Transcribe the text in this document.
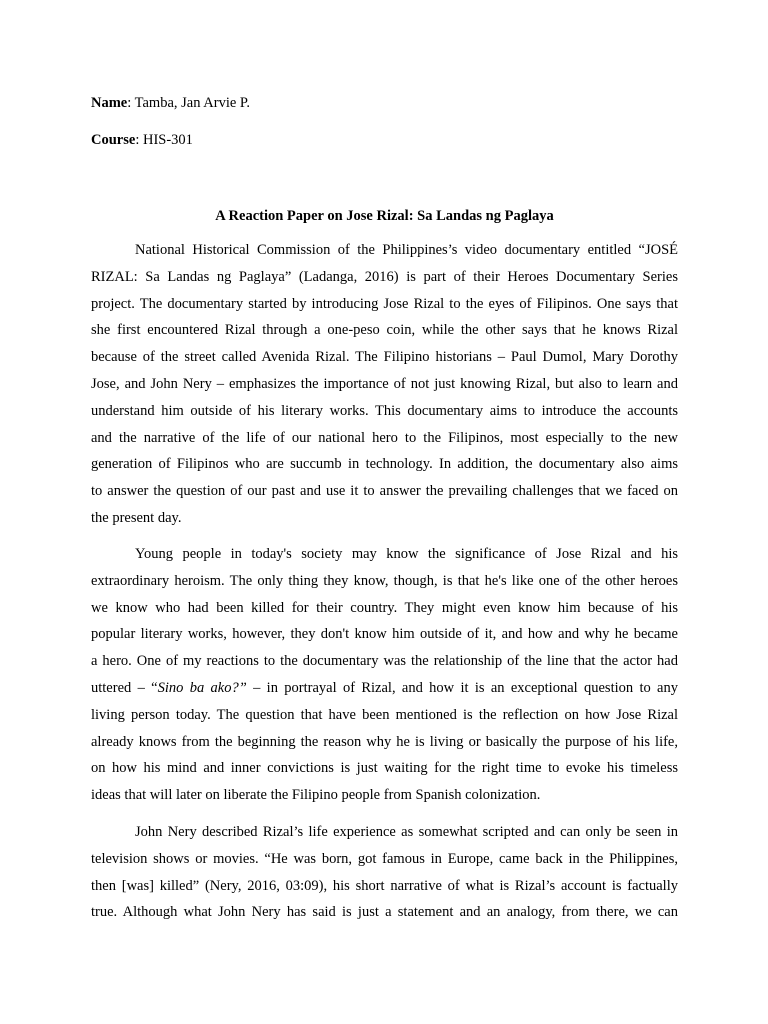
Name: Tamba, Jan Arvie P.
Course: HIS-301
A Reaction Paper on Jose Rizal: Sa Landas ng Paglaya
National Historical Commission of the Philippines’s video documentary entitled “JOSÉ
RIZAL: Sa Landas ng Paglaya” (Ladanga, 2016) is part of their Heroes Documentary Series
project. The documentary started by introducing Jose Rizal to the eyes of Filipinos. One says that
she first encountered Rizal through a one-peso coin, while the other says that he knows Rizal
because of the street called Avenida Rizal. The Filipino historians – Paul Dumol, Mary Dorothy
Jose, and John Nery – emphasizes the importance of not just knowing Rizal, but also to learn and
understand him outside of his literary works. This documentary aims to introduce the accounts
and the narrative of the life of our national hero to the Filipinos, most especially to the new
generation of Filipinos who are succumb in technology. In addition, the documentary also aims
to answer the question of our past and use it to answer the prevailing challenges that we faced on
the present day.
Young people in today's society may know the significance of Jose Rizal and his
extraordinary heroism. The only thing they know, though, is that he's like one of the other heroes
we know who had been killed for their country. They might even know him because of his
popular literary works, however, they don't know him outside of it, and how and why he became
a hero. One of my reactions to the documentary was the relationship of the line that the actor had
uttered – “Sino ba ako?” – in portrayal of Rizal, and how it is an exceptional question to any
living person today. The question that have been mentioned is the reflection on how Jose Rizal
already knows from the beginning the reason why he is living or basically the purpose of his life,
on how his mind and inner convictions is just waiting for the right time to evoke his timeless
ideas that will later on liberate the Filipino people from Spanish colonization.
John Nery described Rizal’s life experience as somewhat scripted and can only be seen in
television shows or movies. “He was born, got famous in Europe, came back in the Philippines,
then [was] killed” (Nery, 2016, 03:09), his short narrative of what is Rizal’s account is factually
true. Although what John Nery has said is just a statement and an analogy, from there, we can
